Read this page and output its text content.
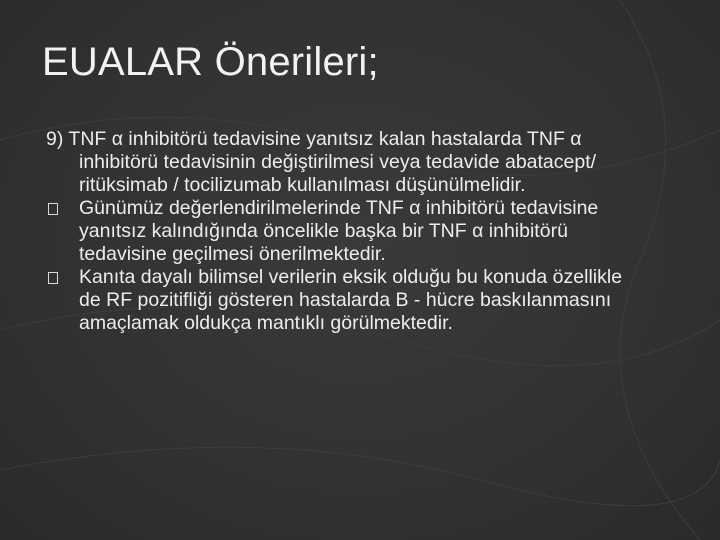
EUALAR Önerileri;
9) TNF α inhibitörü tedavisine yanıtsız kalan hastalarda TNF α inhibitörü tedavisinin değiştirilmesi veya tedavide abatacept/ ritüksimab / tocilizumab kullanılması düşünülmelidir.
Günümüz değerlendirilmelerinde TNF α inhibitörü tedavisine yanıtsız kalındığında öncelikle başka bir TNF α inhibitörü tedavisine geçilmesi önerilmektedir.
Kanıta dayalı bilimsel verilerin eksik olduğu bu konuda özellikle de RF pozitifliği gösteren hastalarda B - hücre baskılanmasını amaçlamak oldukça mantıklı görülmektedir.
